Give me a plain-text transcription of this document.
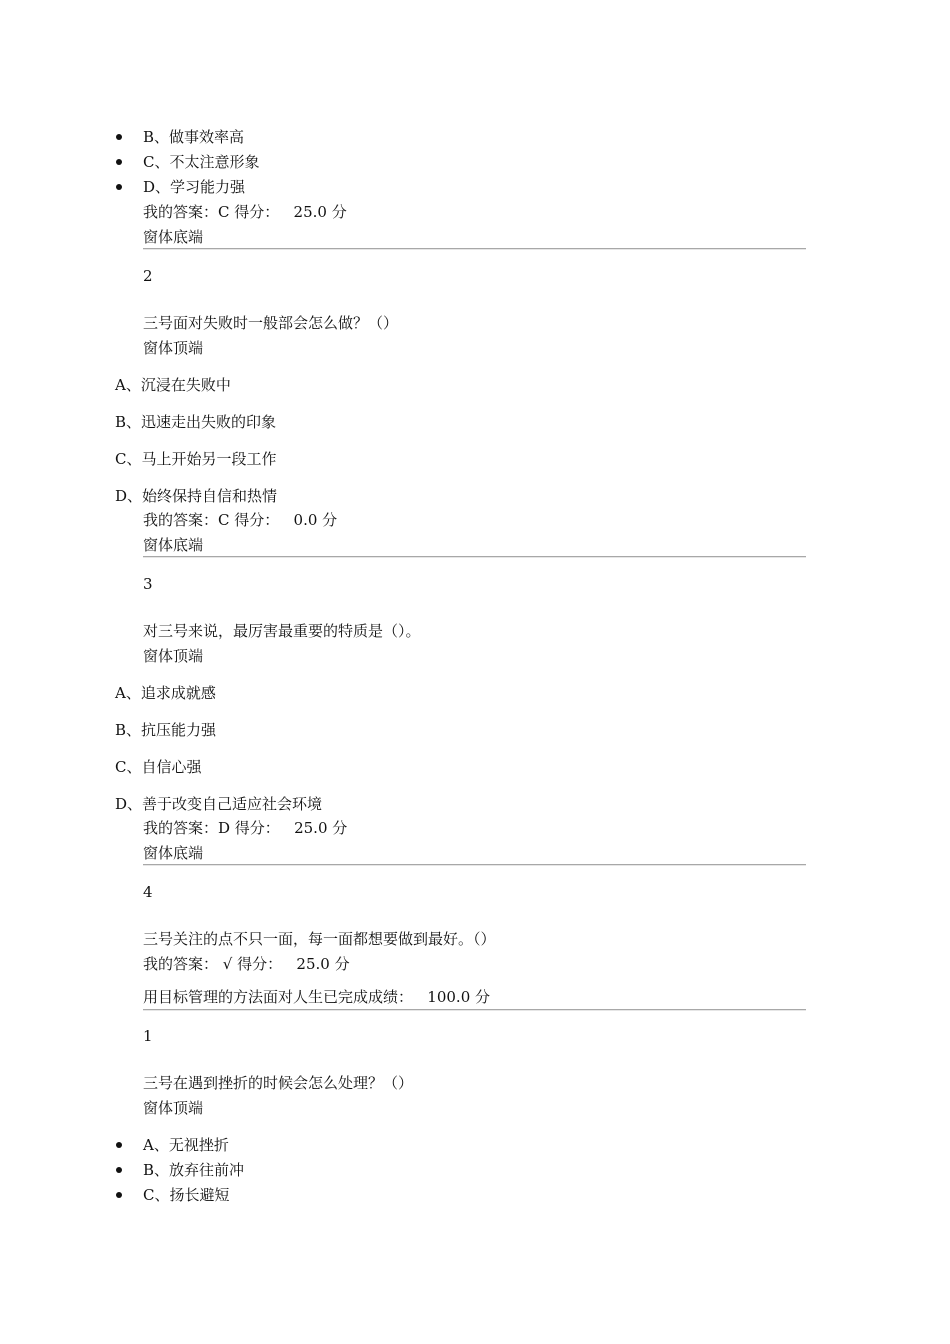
B、做事效率高
C、不太注意形象
D、学习能力强
我的答案：C 得分：   25.0 分
窗体底端
2
三号面对失败时一般部会怎么做？（）
窗体顶端
A、沉浸在失败中
B、迅速走出失败的印象
C、马上开始另一段工作
D、始终保持自信和热情
我的答案：C 得分：   0.0 分
窗体底端
3
对三号来说，最厉害最重要的特质是（）。
窗体顶端
A、追求成就感
B、抗压能力强
C、自信心强
D、善于改变自己适应社会环境
我的答案：D 得分：   25.0 分
窗体底端
4
三号关注的点不只一面，每一面都想要做到最好。（）
我的答案： √ 得分：   25.0 分
用目标管理的方法面对人生已完成成绩：   100.0 分
1
三号在遇到挫折的时候会怎么处理？（）
窗体顶端
A、无视挫折
B、放弃往前冲
C、扬长避短
